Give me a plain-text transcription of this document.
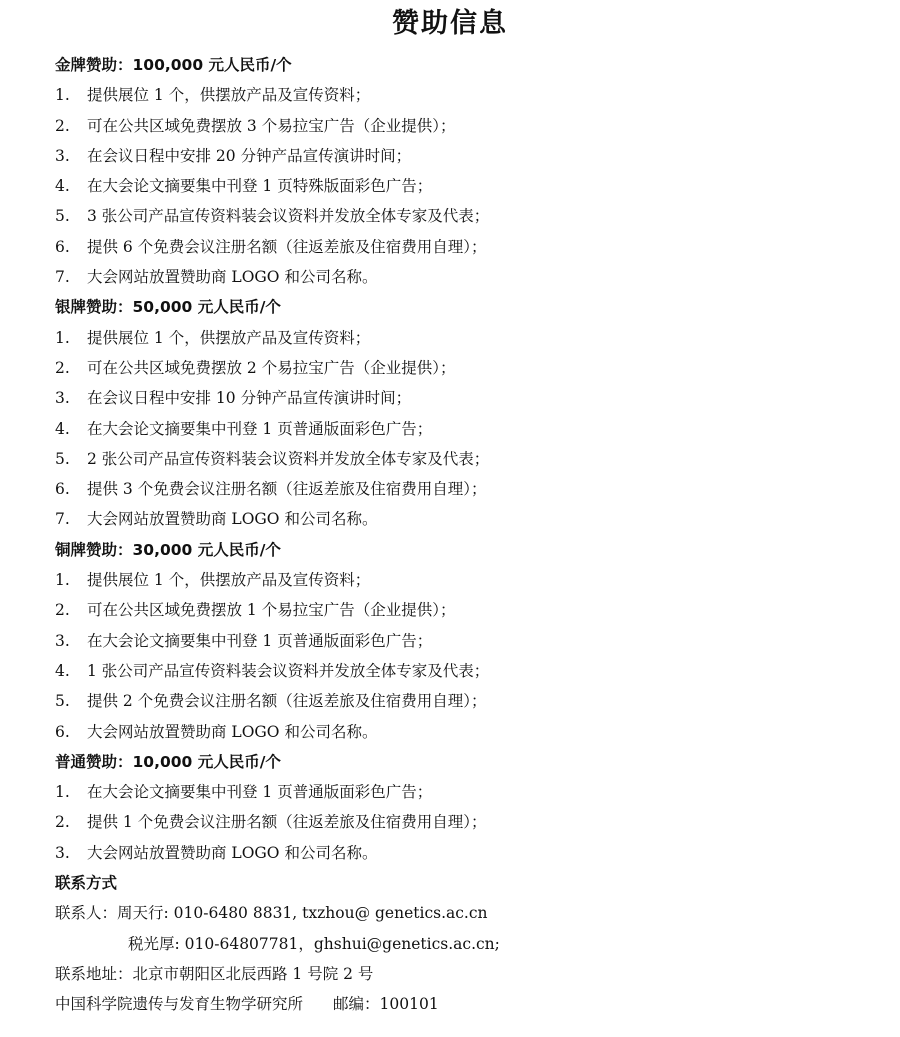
赞助信息
金牌赞助：100,000 元人民币/个
1. 提供展位 1 个，供摆放产品及宣传资料；
2. 可在公共区域免费摆放 3 个易拉宝广告（企业提供）；
3. 在会议日程中安排 20 分钟产品宣传演讲时间；
4. 在大会论文摘要集中刊登 1 页特殊版面彩色广告；
5. 3 张公司产品宣传资料装会议资料并发放全体专家及代表；
6. 提供 6 个免费会议注册名额（往返差旅及住宿费用自理）；
7. 大会网站放置赞助商 LOGO 和公司名称。
银牌赞助：50,000 元人民币/个
1. 提供展位 1 个，供摆放产品及宣传资料；
2. 可在公共区域免费摆放 2 个易拉宝广告（企业提供）；
3. 在会议日程中安排 10 分钟产品宣传演讲时间；
4. 在大会论文摘要集中刊登 1 页普通版面彩色广告；
5. 2 张公司产品宣传资料装会议资料并发放全体专家及代表；
6. 提供 3 个免费会议注册名额（往返差旅及住宿费用自理）；
7. 大会网站放置赞助商 LOGO 和公司名称。
铜牌赞助：30,000 元人民币/个
1. 提供展位 1 个，供摆放产品及宣传资料；
2. 可在公共区域免费摆放 1 个易拉宝广告（企业提供）；
3. 在大会论文摘要集中刊登 1 页普通版面彩色广告；
4. 1 张公司产品宣传资料装会议资料并发放全体专家及代表；
5. 提供 2 个免费会议注册名额（往返差旅及住宿费用自理）；
6. 大会网站放置赞助商 LOGO 和公司名称。
普通赞助：10,000 元人民币/个
1. 在大会论文摘要集中刊登 1 页普通版面彩色广告；
2. 提供 1 个免费会议注册名额（往返差旅及住宿费用自理）；
3. 大会网站放置赞助商 LOGO 和公司名称。
联系方式
联系人：周天行: 010-6480 8831, txzhou@ genetics.ac.cn
税光厚: 010-64807781，ghshui@genetics.ac.cn;
联系地址：北京市朝阳区北辰西路 1 号院 2 号
中国科学院遗传与发育生物学研究所 邮编：100101
